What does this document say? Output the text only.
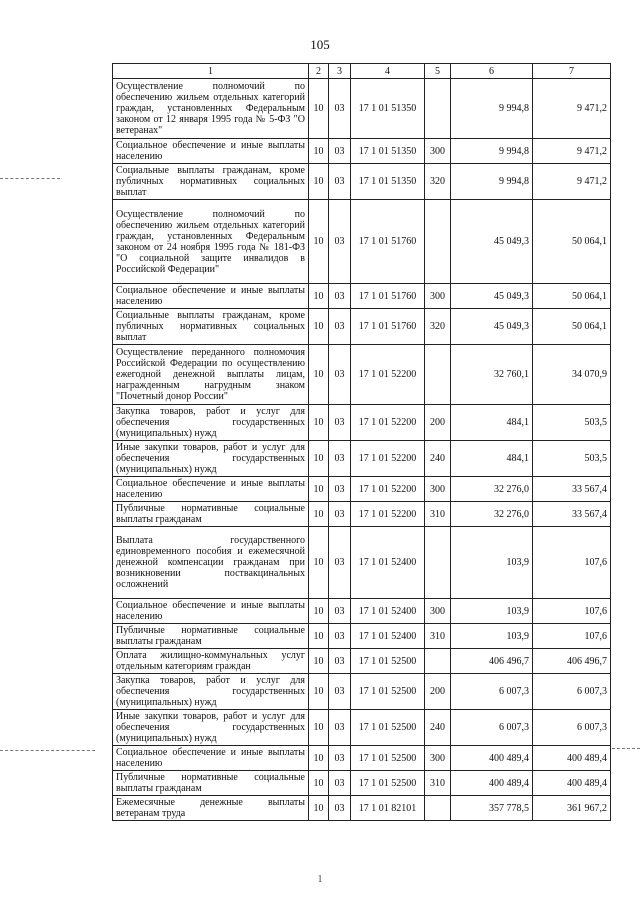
105
1	2	3	4	5	6	7
Осуществление полномочий по обеспечению жильем отдельных категорий граждан, установленных Федеральным законом от 12 января 1995 года № 5-ФЗ "О ветеранах"	10	03	17 1 01 51350		9 994,8	9 471,2
Социальное обеспечение и иные выплаты населению	10	03	17 1 01 51350	300	9 994,8	9 471,2
Социальные выплаты гражданам, кроме публичных нормативных социальных выплат	10	03	17 1 01 51350	320	9 994,8	9 471,2
Осуществление полномочий по обеспечению жильем отдельных категорий граждан, установленных Федеральным законом от 24 ноября 1995 года № 181-ФЗ "О социальной защите инвалидов в Российской Федерации"	10	03	17 1 01 51760		45 049,3	50 064,1
Социальное обеспечение и иные выплаты населению	10	03	17 1 01 51760	300	45 049,3	50 064,1
Социальные выплаты гражданам, кроме публичных нормативных социальных выплат	10	03	17 1 01 51760	320	45 049,3	50 064,1
Осуществление переданного полномочия Российской Федерации по осуществлению ежегодной денежной выплаты лицам, награжденным нагрудным знаком "Почетный донор России"	10	03	17 1 01 52200		32 760,1	34 070,9
Закупка товаров, работ и услуг для обеспечения государственных (муниципальных) нужд	10	03	17 1 01 52200	200	484,1	503,5
Иные закупки товаров, работ и услуг для обеспечения государственных (муниципальных) нужд	10	03	17 1 01 52200	240	484,1	503,5
Социальное обеспечение и иные выплаты населению	10	03	17 1 01 52200	300	32 276,0	33 567,4
Публичные нормативные социальные выплаты гражданам	10	03	17 1 01 52200	310	32 276,0	33 567,4
Выплата государственного единовременного пособия и ежемесячной денежной компенсации гражданам при возникновении поствакцинальных осложнений	10	03	17 1 01 52400		103,9	107,6
Социальное обеспечение и иные выплаты населению	10	03	17 1 01 52400	300	103,9	107,6
Публичные нормативные социальные выплаты гражданам	10	03	17 1 01 52400	310	103,9	107,6
Оплата жилищно-коммунальных услуг отдельным категориям граждан	10	03	17 1 01 52500		406 496,7	406 496,7
Закупка товаров, работ и услуг для обеспечения государственных (муниципальных) нужд	10	03	17 1 01 52500	200	6 007,3	6 007,3
Иные закупки товаров, работ и услуг для обеспечения государственных (муниципальных) нужд	10	03	17 1 01 52500	240	6 007,3	6 007,3
Социальное обеспечение и иные выплаты населению	10	03	17 1 01 52500	300	400 489,4	400 489,4
Публичные нормативные социальные выплаты гражданам	10	03	17 1 01 52500	310	400 489,4	400 489,4
Ежемесячные денежные выплаты ветеранам труда	10	03	17 1 01 82101		357 778,5	361 967,2
1
